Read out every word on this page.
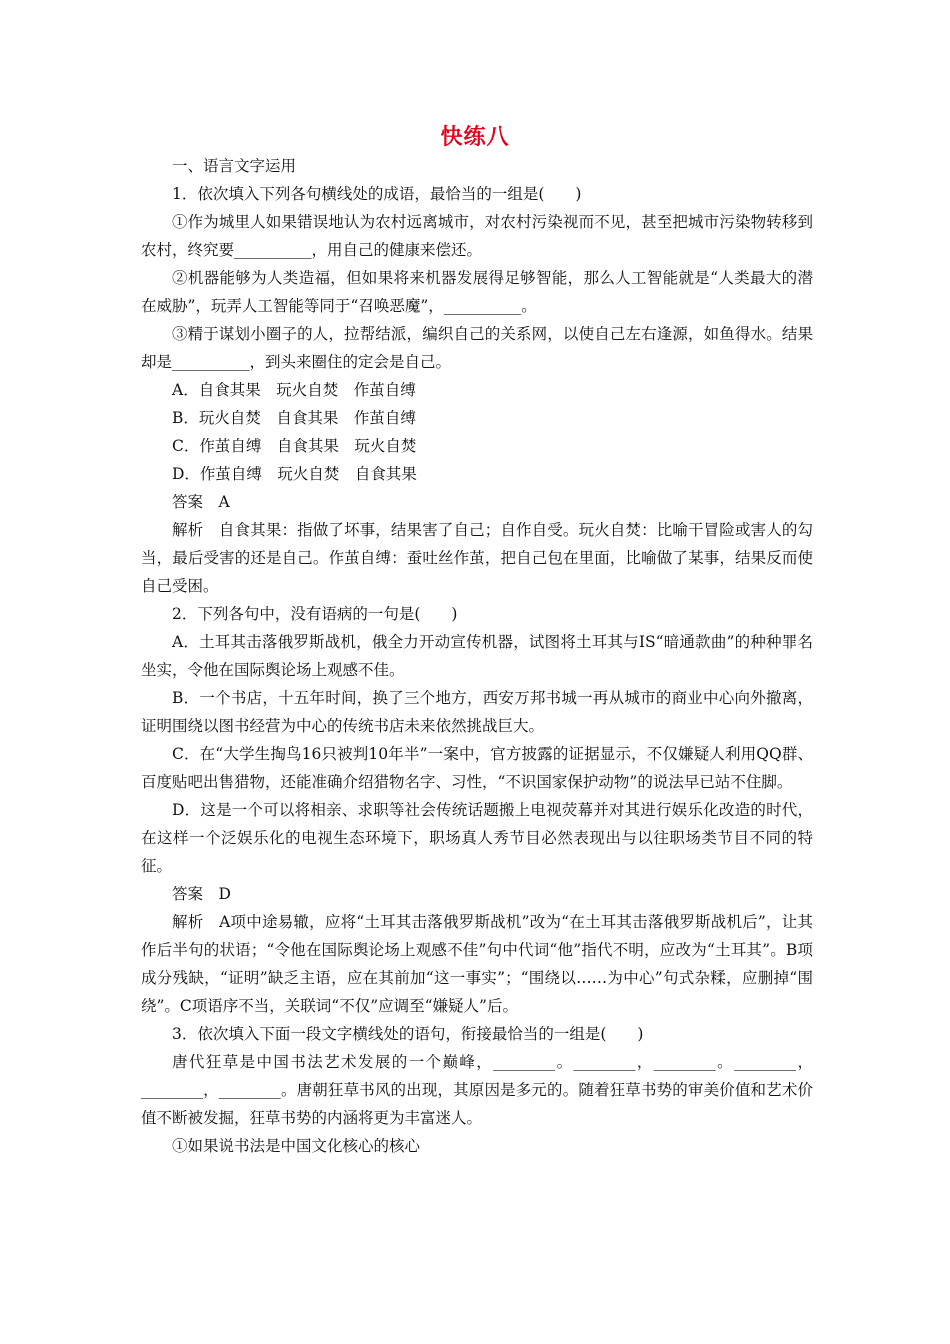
快练八

一、语言文字运用

1．依次填入下列各句横线处的成语，最恰当的一组是(　　)

①作为城里人如果错误地认为农村远离城市，对农村污染视而不见，甚至把城市污染物转移到农村，终究要__________，用自己的健康来偿还。

②机器能够为人类造福，但如果将来机器发展得足够智能，那么人工智能就是“人类最大的潜在威胁”，玩弄人工智能等同于“召唤恶魔”，__________。

③精于谋划小圈子的人，拉帮结派，编织自己的关系网，以使自己左右逢源，如鱼得水。结果却是__________，到头来圈住的定会是自己。

A．自食其果　玩火自焚　作茧自缚

B．玩火自焚　自食其果　作茧自缚

C．作茧自缚　自食其果　玩火自焚

D．作茧自缚　玩火自焚　自食其果

答案　A

解析　自食其果：指做了坏事，结果害了自己；自作自受。玩火自焚：比喻干冒险或害人的勾当，最后受害的还是自己。作茧自缚：蚕吐丝作茧，把自己包在里面，比喻做了某事，结果反而使自己受困。

2．下列各句中，没有语病的一句是(　　)

A．土耳其击落俄罗斯战机，俄全力开动宣传机器，试图将土耳其与IS“暗通款曲”的种种罪名坐实，令他在国际舆论场上观感不佳。

B．一个书店，十五年时间，换了三个地方，西安万邦书城一再从城市的商业中心向外撤离，证明围绕以图书经营为中心的传统书店未来依然挑战巨大。

C．在“大学生掏鸟16只被判10年半”一案中，官方披露的证据显示，不仅嫌疑人利用QQ群、百度贴吧出售猎物，还能准确介绍猎物名字、习性，“不识国家保护动物”的说法早已站不住脚。

D．这是一个可以将相亲、求职等社会传统话题搬上电视荧幕并对其进行娱乐化改造的时代，在这样一个泛娱乐化的电视生态环境下，职场真人秀节目必然表现出与以往职场类节目不同的特征。

答案　D

解析　A项中途易辙，应将“土耳其击落俄罗斯战机”改为“在土耳其击落俄罗斯战机后”，让其作后半句的状语；“令他在国际舆论场上观感不佳”句中代词“他”指代不明，应改为“土耳其”。B项成分残缺，“证明”缺乏主语，应在其前加“这一事实”；“围绕以……为中心”句式杂糅，应删掉“围绕”。C项语序不当，关联词“不仅”应调至“嫌疑人”后。

3．依次填入下面一段文字横线处的语句，衔接最恰当的一组是(　　)

唐代狂草是中国书法艺术发展的一个巅峰，________。________，________。________，________，________。唐朝狂草书风的出现，其原因是多元的。随着狂草书势的审美价值和艺术价值不断被发掘，狂草书势的内涵将更为丰富迷人。

①如果说书法是中国文化核心的核心
